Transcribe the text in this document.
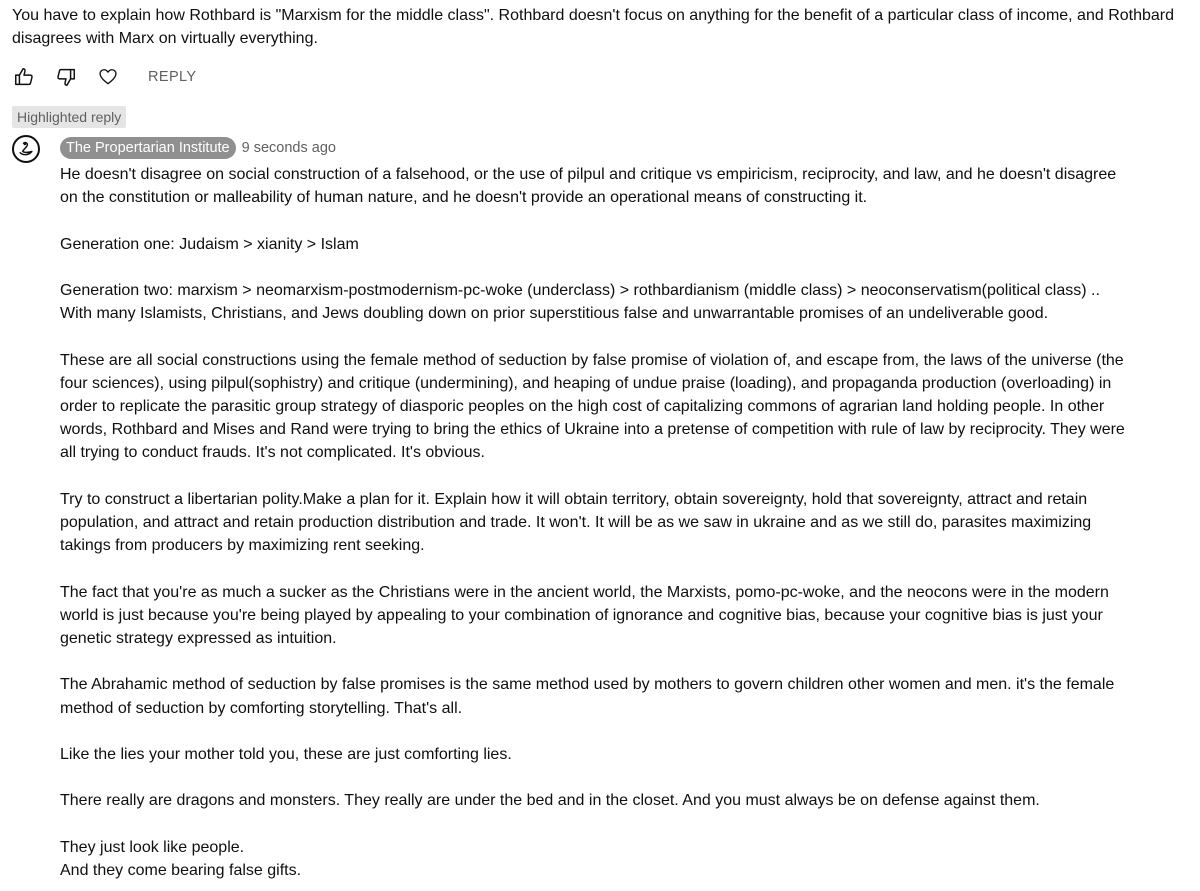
You have to explain how Rothbard is "Marxism for the middle class". Rothbard doesn't focus on anything for the benefit of a particular class of income, and Rothbard disagrees with Marx on virtually everything.
REPLY
Highlighted reply
The Propertarian Institute 9 seconds ago

He doesn't disagree on social construction of a falsehood, or the use of pilpul and critique vs empiricism, reciprocity, and law, and he doesn't disagree
on the constitution or malleability of human nature, and he doesn't provide an operational means of constructing it.

Generation one: Judaism > xianity > Islam

Generation two: marxism > neomarxism-postmodernism-pc-woke (underclass) > rothbardianism (middle class) > neoconservatism(political class) ..
With many Islamists, Christians, and Jews doubling down on prior superstitious false and unwarrantable promises of an undeliverable good.

These are all social constructions using the female method of seduction by false promise of violation of, and escape from, the laws of the universe (the
four sciences), using pilpul(sophistry) and critique (undermining), and heaping of undue praise (loading), and propaganda production (overloading) in
order to replicate the parasitic group strategy of diasporic peoples on the high cost of capitalizing commons of agrarian land holding people. In other
words, Rothbard and Mises and Rand were trying to bring the ethics of Ukraine into a pretense of competition with rule of law by reciprocity. They were
all trying to conduct frauds. It's not complicated. It's obvious.

Try to construct a libertarian polity.Make a plan for it. Explain how it will obtain territory, obtain sovereignty, hold that sovereignty, attract and retain
population, and attract and retain production distribution and trade. It won't. It will be as we saw in ukraine and as we still do, parasites maximizing
takings from producers by maximizing rent seeking.

The fact that you're as much a sucker as the Christians were in the ancient world, the Marxists, pomo-pc-woke, and the neocons were in the modern
world is just because you're being played by appealing to your combination of ignorance and cognitive bias, because your cognitive bias is just your
genetic strategy expressed as intuition.

The Abrahamic method of seduction by false promises is the same method used by mothers to govern children other women and men. it's the female
method of seduction by comforting storytelling. That's all.

Like the lies your mother told you, these are just comforting lies.

There really are dragons and monsters. They really are under the bed and in the closet. And you must always be on defense against them.

They just look like people.
And they come bearing false gifts.
